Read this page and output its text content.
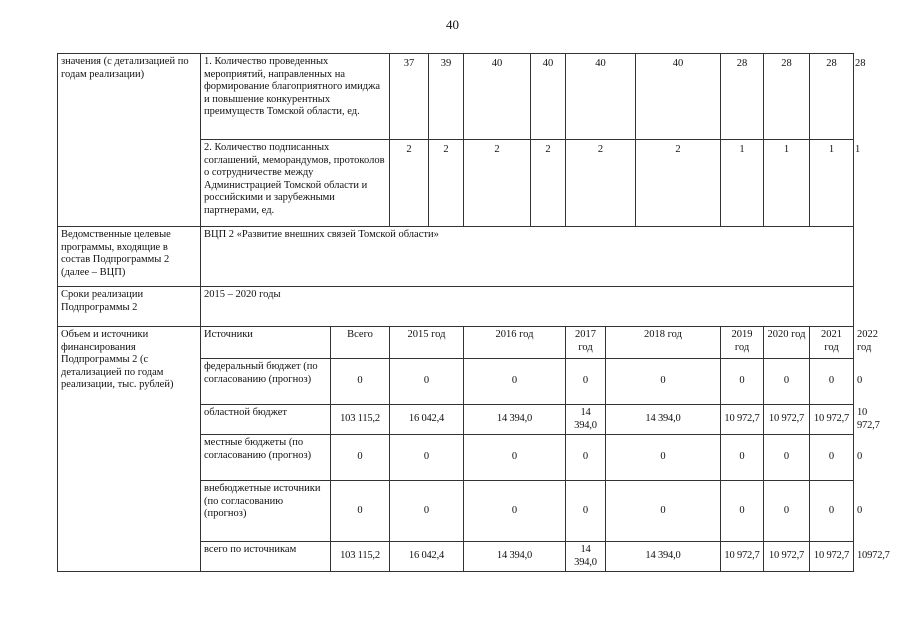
40
значения (с детализацией по годам реализации)	1. Количество проведенных мероприятий, направленных на формирование благоприятного имиджа и повышение конкурентных преимуществ Томской области, ед.		37	39	40	40	40		40	28	28	28	28
	2. Количество подписанных соглашений, меморандумов, протоколов о сотрудничестве между Администрацией Томской области и российскими и зарубежными партнерами, ед.		2	2	2	2	2		2	1	1	1	1
Ведомственные целевые программы, входящие в состав Подпрограммы 2 (далее – ВЦП)	ВЦП 2 «Развитие внешних связей Томской области»												
Сроки реализации Подпрограммы 2	2015 – 2020 годы												
Объем и источники финансирования Подпрограммы 2 (с детализацией по годам реализации, тыс. рублей)	Источники	Всего	2015 год		2016 год		2017 год	2018 год		2019 год	2020 год	2021 год	2022 год
	федеральный бюджет (по согласованию (прогноз)	0	0		0		0	0		0	0	0	0
	областной бюджет	103 115,2	16 042,4		14 394,0		14 394,0	14 394,0		10 972,7	10 972,7	10 972,7	10 972,7
	местные бюджеты (по согласованию (прогноз)	0	0		0		0	0		0	0	0	0
	внебюджетные источники (по согласованию (прогноз)	0	0		0		0	0		0	0	0	0
	всего по источникам	103 115,2	16 042,4		14 394,0		14 394,0	14 394,0		10 972,7	10 972,7	10 972,7	10972,7
